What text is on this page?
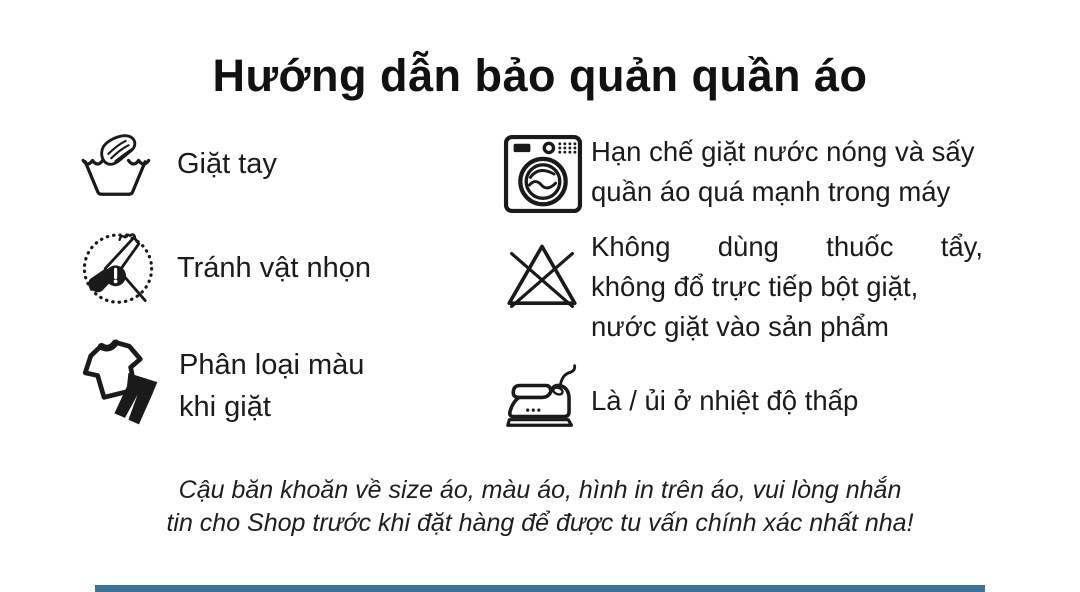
Hướng dẫn bảo quản quần áo
Giặt tay
Tránh vật nhọn
Phân loại màu
khi giặt
Hạn chế giặt nước nóng và sấy
quần áo quá mạnh trong máy
Không dùng thuốc tẩy,
không đổ trực tiếp bột giặt,
nước giặt vào sản phẩm
Là / ủi ở nhiệt độ thấp
Cậu băn khoăn về size áo, màu áo, hình in trên áo, vui lòng nhắn
tin cho Shop trước khi đặt hàng để được tu vấn chính xác nhất nha!
